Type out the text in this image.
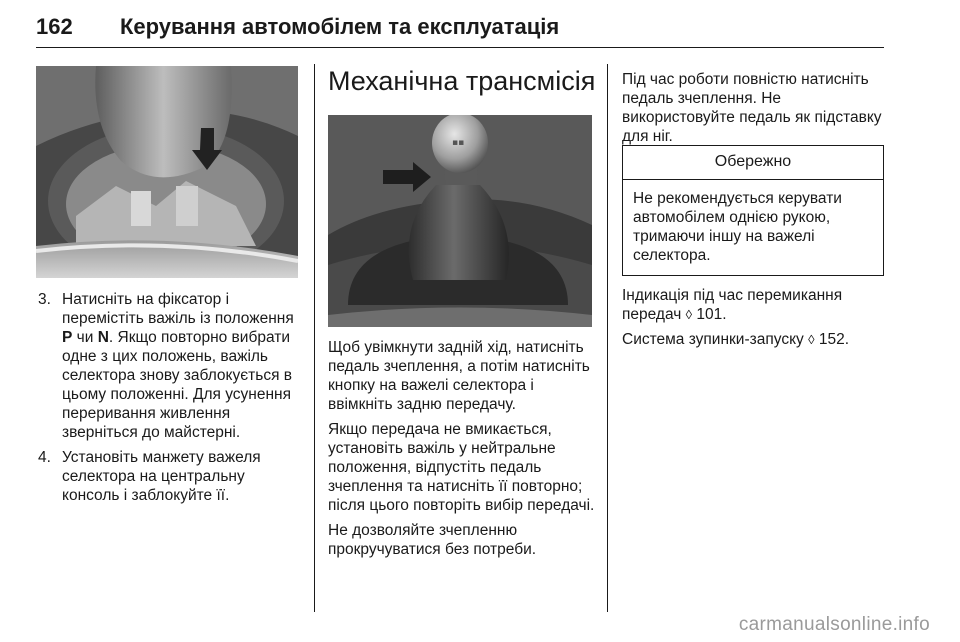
162 Керування автомобілем та експлуатація
3. Натисніть на фіксатор і перемістіть важіль із положення P чи N. Якщо повторно вибрати одне з цих положень, важіль селектора знову заблокується в цьому положенні. Для усунення переривання живлення зверніться до майстерні.
4. Установіть манжету важеля селектора на центральну консоль і заблокуйте її.
Механічна трансмісія
▪▪

Щоб увімкнути задній хід, натисніть педаль зчеплення, а потім натисніть кнопку на важелі селектора і ввімкніть задню передачу.

Якщо передача не вмикається, установіть важіль у нейтральне положення, відпустіть педаль зчеплення та натисніть її повторно; після цього повторіть вибір передачі.

Не дозволяйте зчепленню прокручуватися без потреби.

Під час роботи повністю натисніть педаль зчеплення. Не використовуйте педаль як підставку для ніг.

Обережно
Не рекомендується керувати автомобілем однією рукою, тримаючи іншу на важелі селектора.

Індикація під час перемикання передач ◊ 101.

Система зупинки-запуску ◊ 152.

carmanualsonline.info
